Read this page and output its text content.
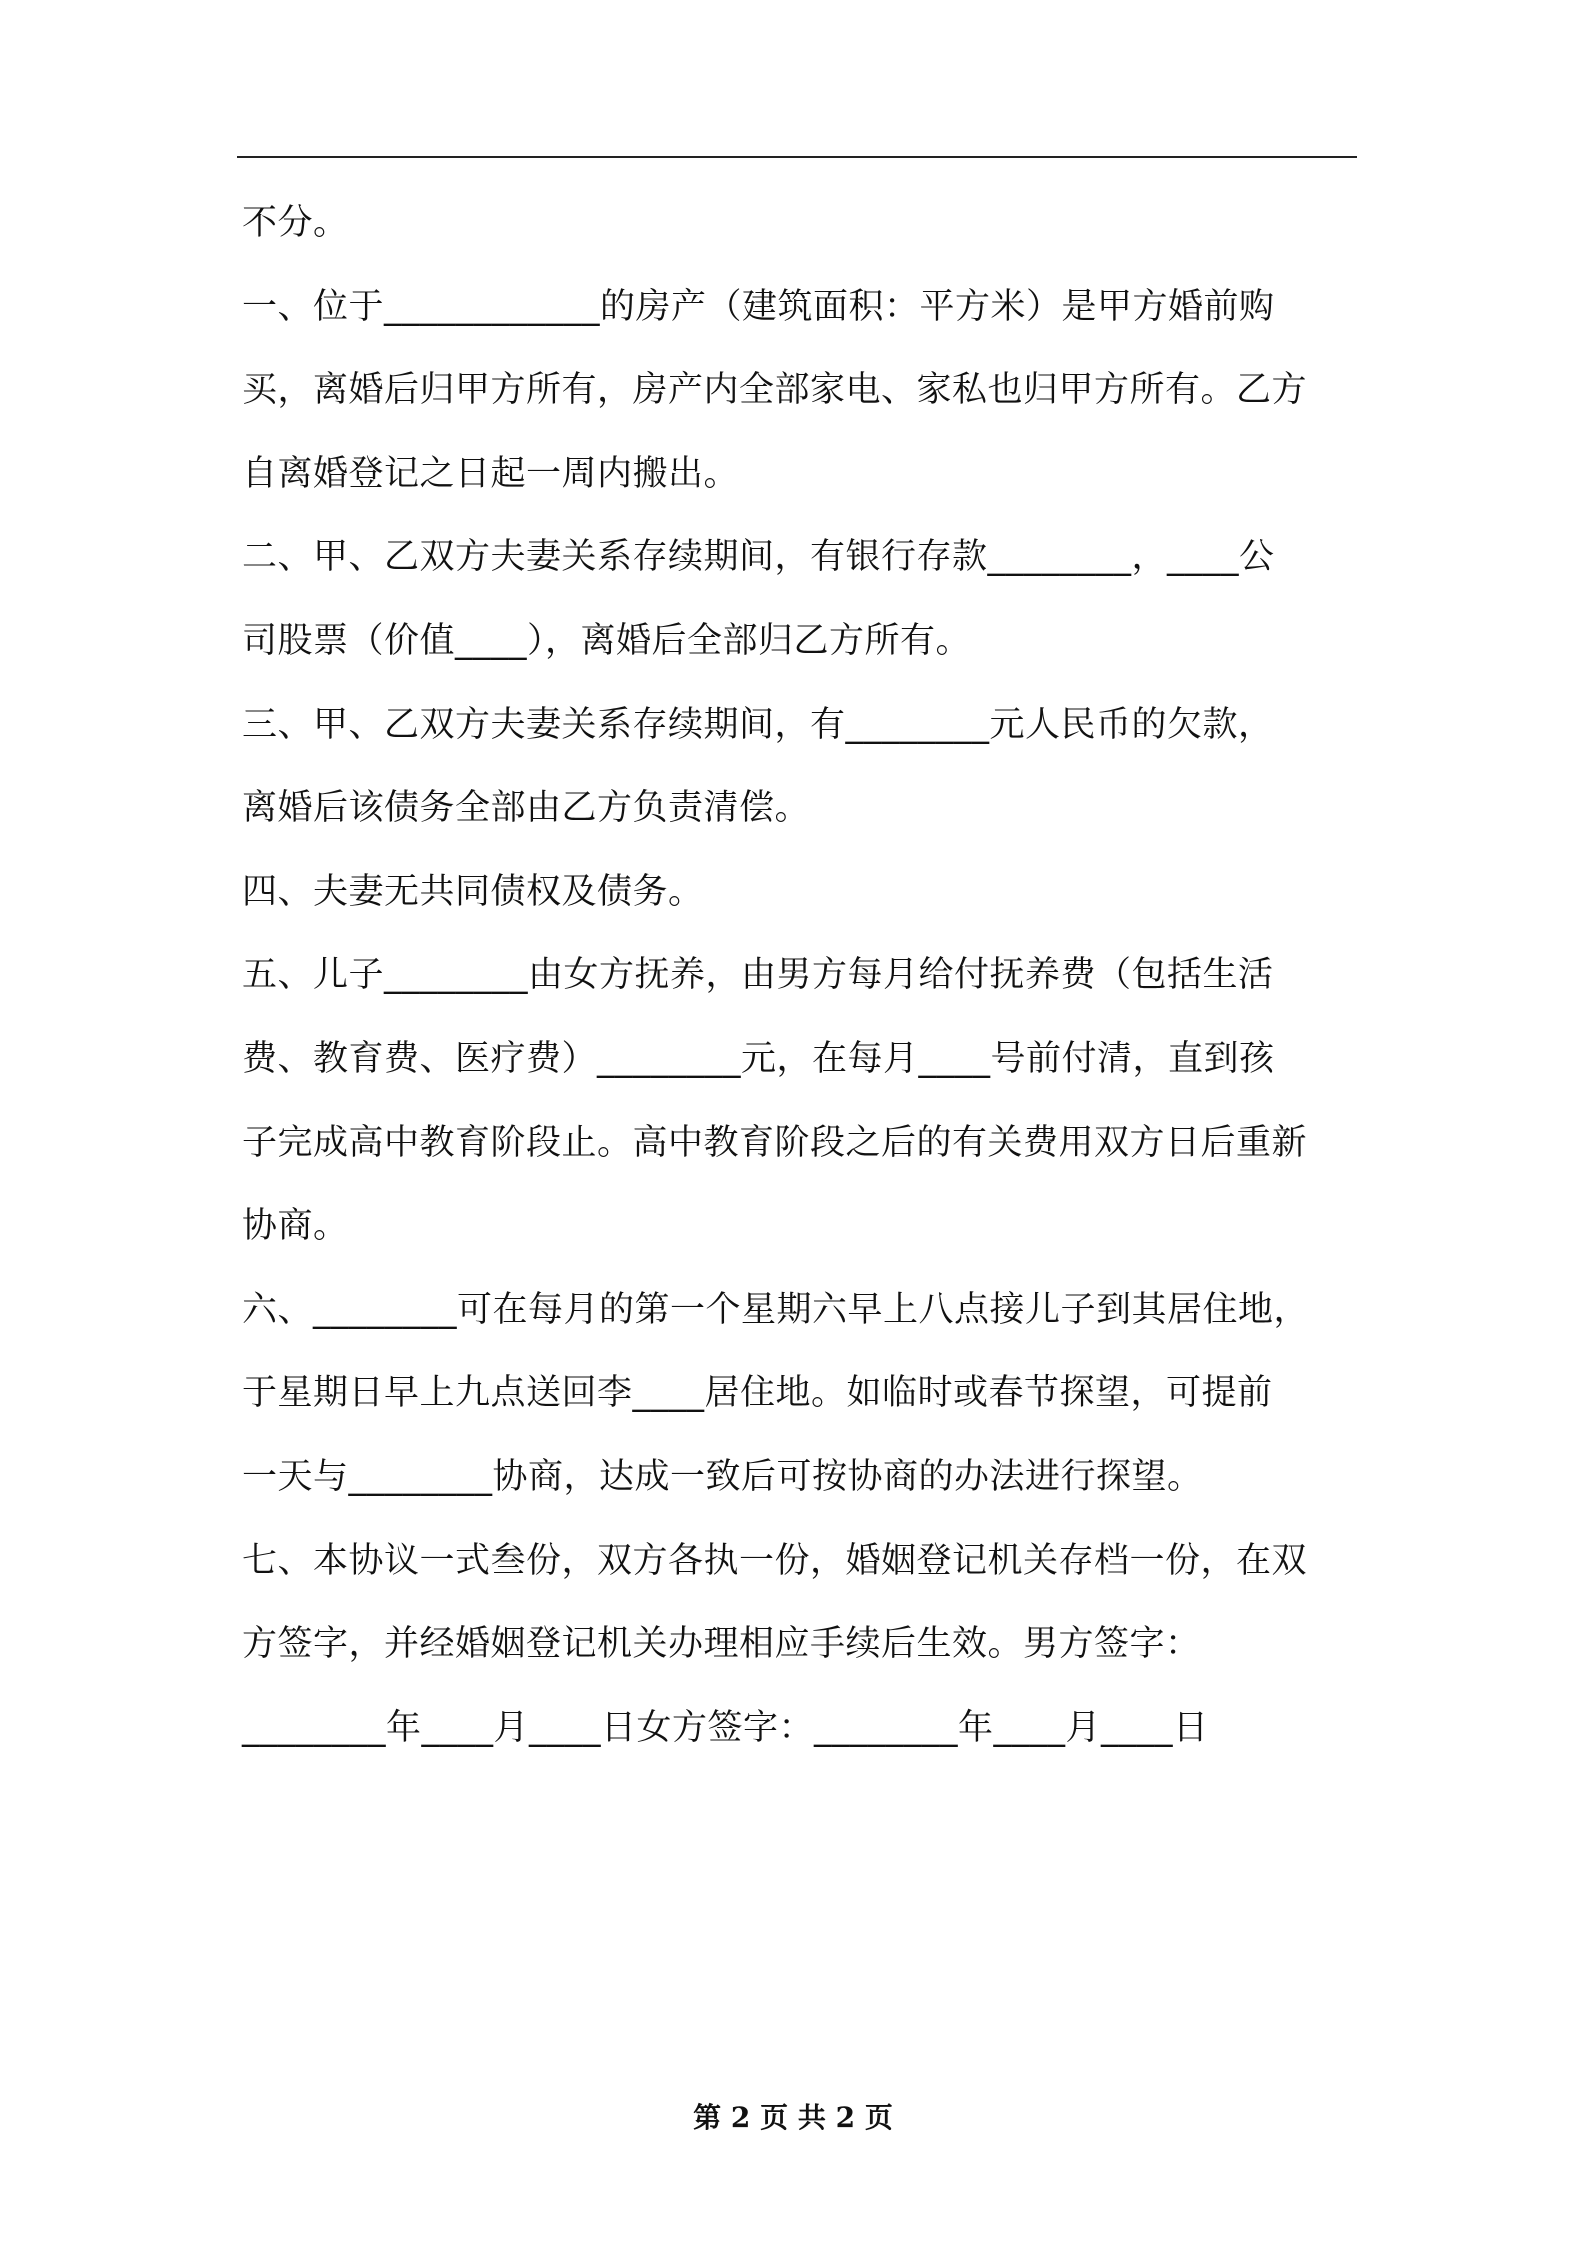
不分。
一、位于____________的房产（建筑面积：平方米）是甲方婚前购
买，离婚后归甲方所有，房产内全部家电、家私也归甲方所有。乙方
自离婚登记之日起一周内搬出。
二、甲、乙双方夫妻关系存续期间，有银行存款________，____公
司股票（价值____），离婚后全部归乙方所有。
三、甲、乙双方夫妻关系存续期间，有________元人民币的欠款，
离婚后该债务全部由乙方负责清偿。
四、夫妻无共同债权及债务。
五、儿子________由女方抚养，由男方每月给付抚养费（包括生活
费、教育费、医疗费）________元，在每月____号前付清，直到孩
子完成高中教育阶段止。高中教育阶段之后的有关费用双方日后重新
协商。
六、________可在每月的第一个星期六早上八点接儿子到其居住地，
于星期日早上九点送回李____居住地。如临时或春节探望，可提前
一天与________协商，达成一致后可按协商的办法进行探望。
七、本协议一式叁份，双方各执一份，婚姻登记机关存档一份，在双
方签字，并经婚姻登记机关办理相应手续后生效。男方签字：
________年____月____日女方签字：________年____月____日
第 2 页 共 2 页
